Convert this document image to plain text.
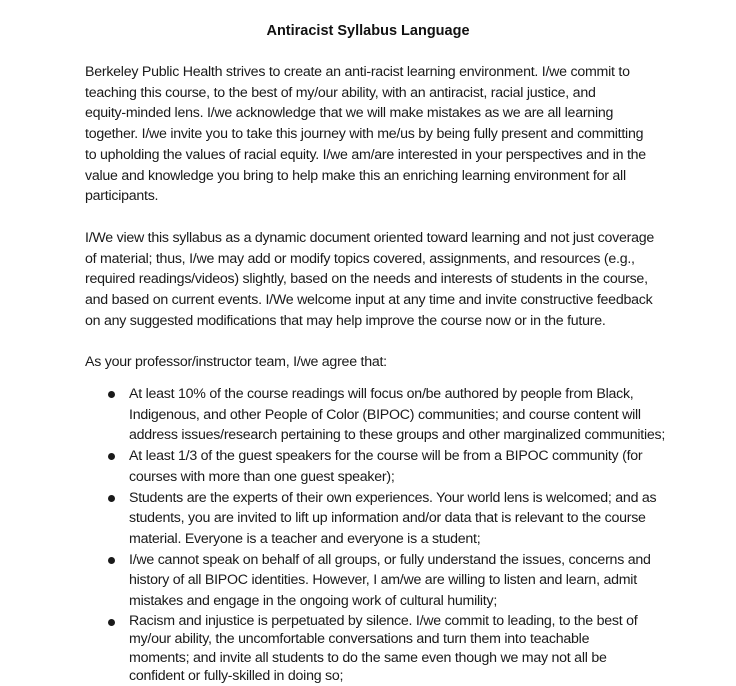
Antiracist Syllabus Language

Berkeley Public Health strives to create an anti-racist learning environment. I/we commit to
teaching this course, to the best of my/our ability, with an antiracist, racial justice, and
equity-minded lens. I/we acknowledge that we will make mistakes as we are all learning
together. I/we invite you to take this journey with me/us by being fully present and committing
to upholding the values of racial equity. I/we am/are interested in your perspectives and in the
value and knowledge you bring to help make this an enriching learning environment for all
participants.

I/We view this syllabus as a dynamic document oriented toward learning and not just coverage
of material; thus, I/we may add or modify topics covered, assignments, and resources (e.g.,
required readings/videos) slightly, based on the needs and interests of students in the course,
and based on current events. I/We welcome input at any time and invite constructive feedback
on any suggested modifications that may help improve the course now or in the future.

As your professor/instructor team, I/we agree that:

At least 10% of the course readings will focus on/be authored by people from Black,
Indigenous, and other People of Color (BIPOC) communities; and course content will
address issues/research pertaining to these groups and other marginalized communities;
At least 1/3 of the guest speakers for the course will be from a BIPOC community (for
courses with more than one guest speaker);
Students are the experts of their own experiences. Your world lens is welcomed; and as
students, you are invited to lift up information and/or data that is relevant to the course
material. Everyone is a teacher and everyone is a student;
I/we cannot speak on behalf of all groups, or fully understand the issues, concerns and
history of all BIPOC identities. However, I am/we are willing to listen and learn, admit
mistakes and engage in the ongoing work of cultural humility;
Racism and injustice is perpetuated by silence. I/we commit to leading, to the best of
my/our ability, the uncomfortable conversations and turn them into teachable
moments; and invite all students to do the same even though we may not all be
confident or fully-skilled in doing so;
